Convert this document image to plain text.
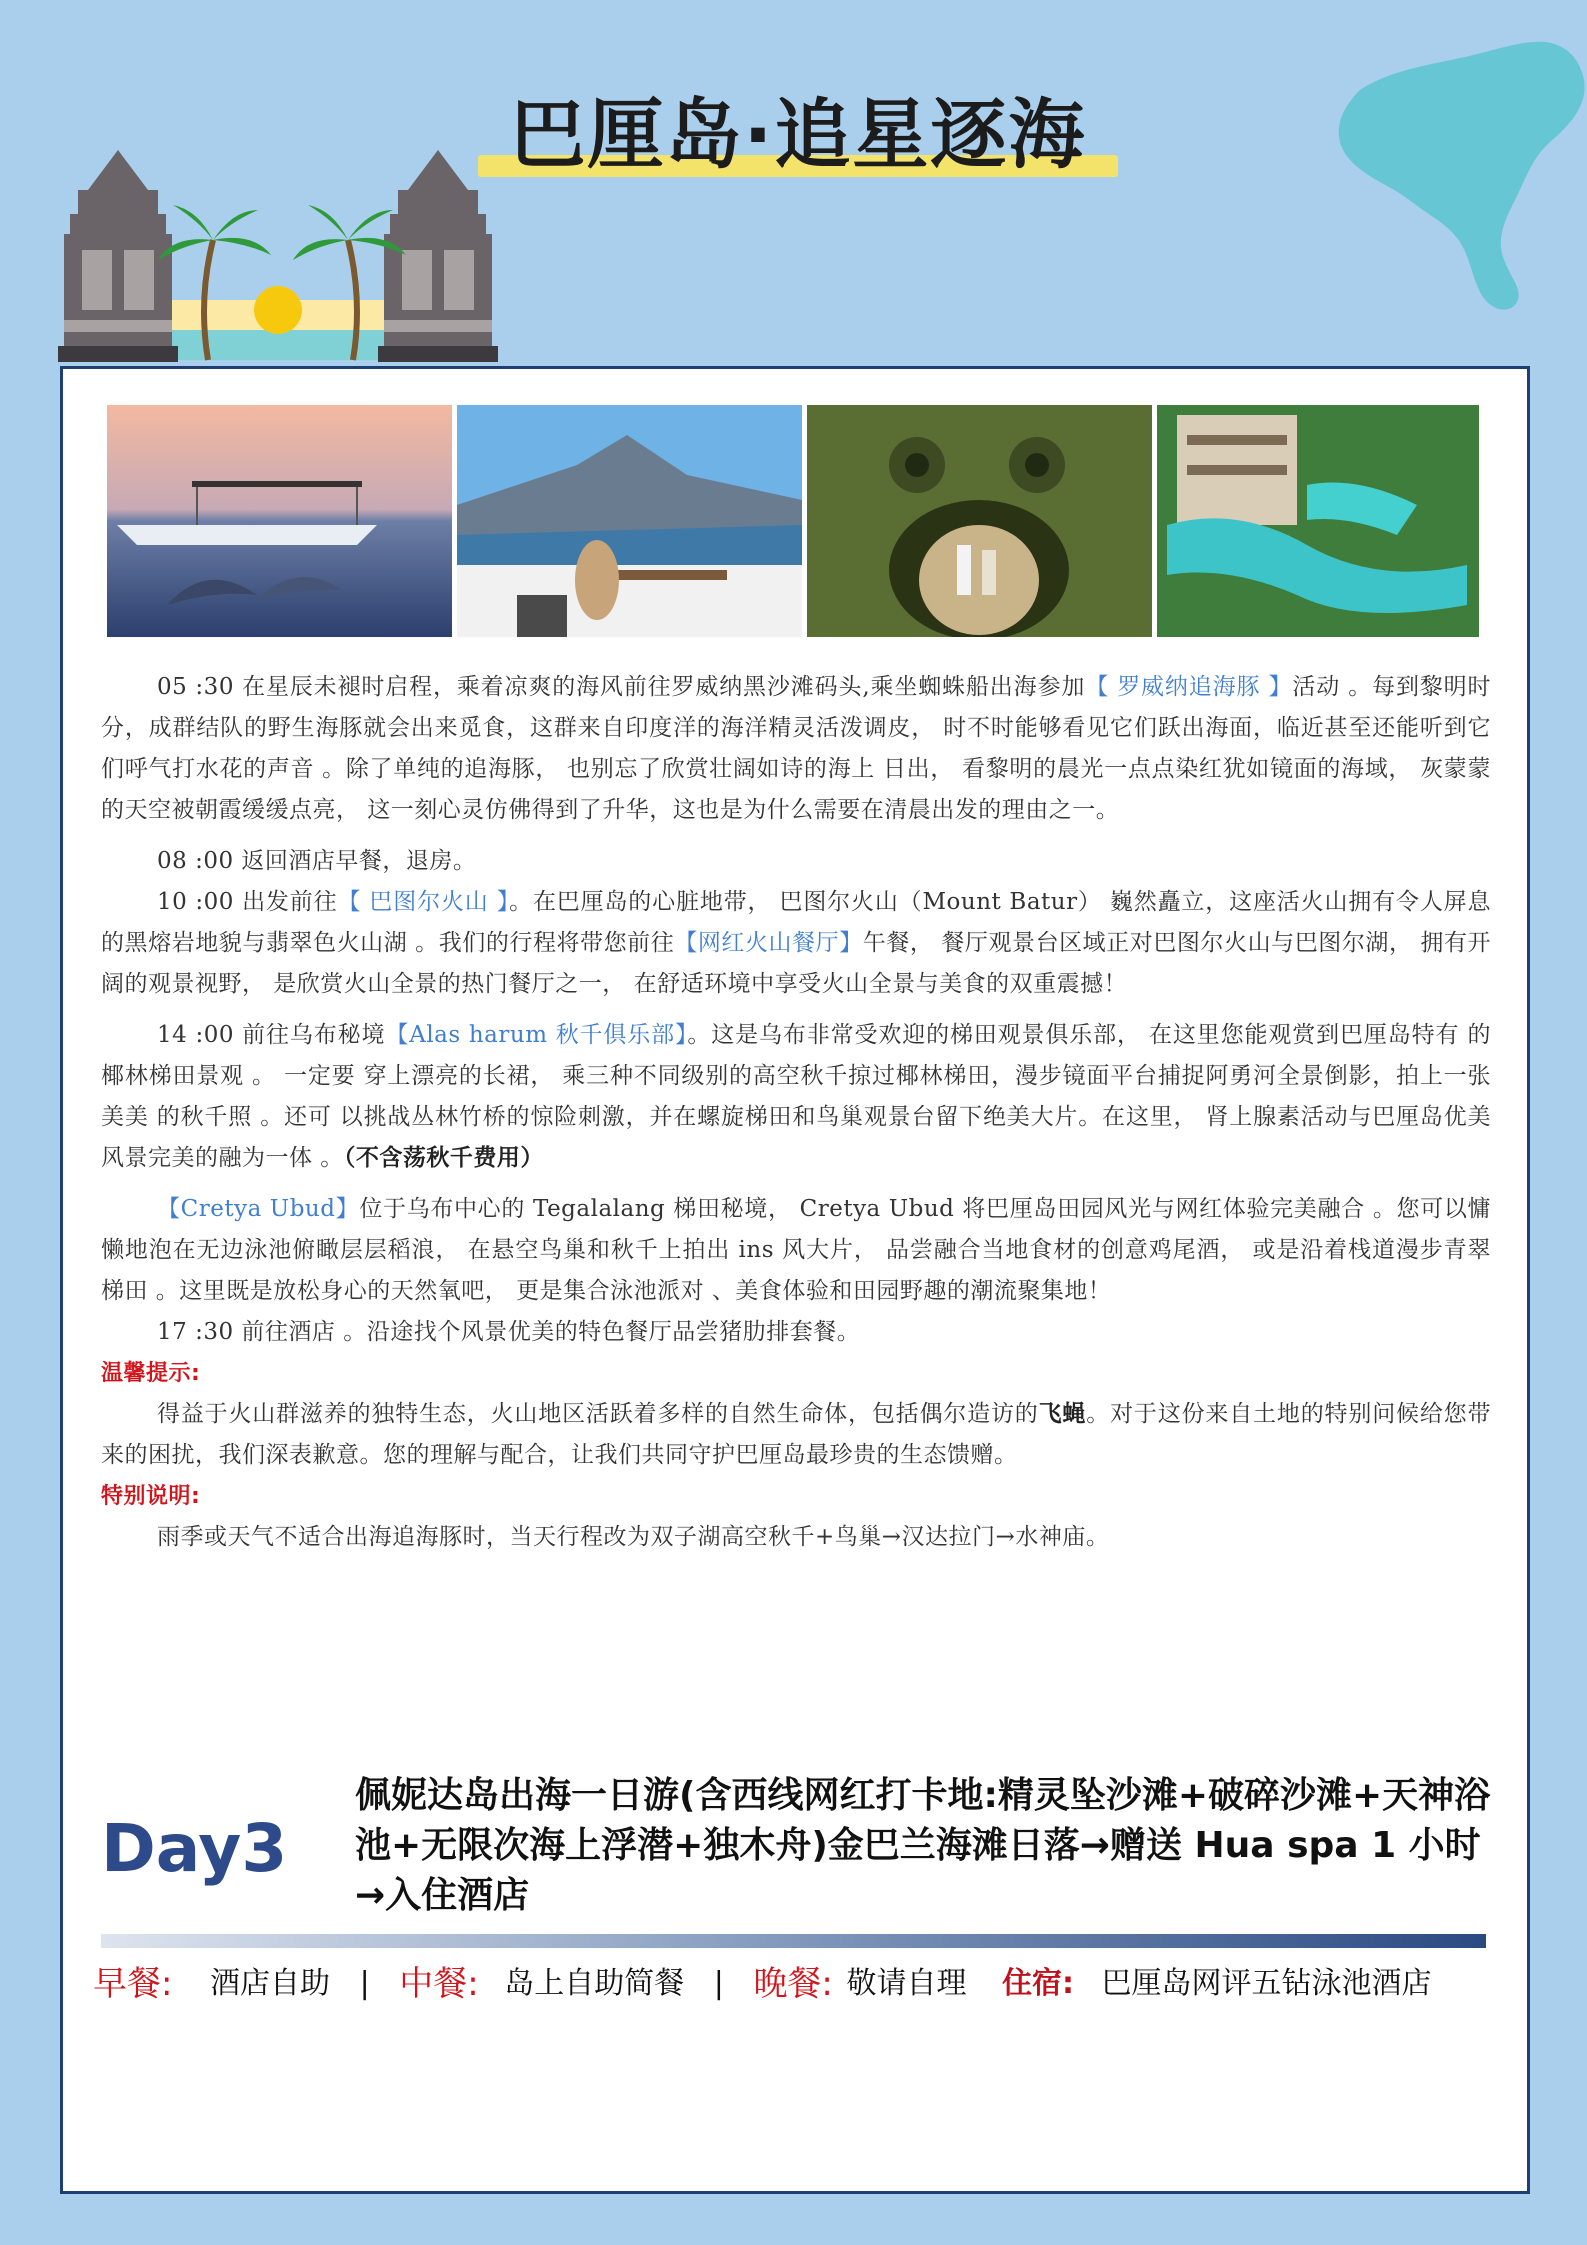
巴厘岛·追星逐海

05 :30 在星辰未褪时启程，乘着凉爽的海风前往罗威纳黑沙滩码头,乘坐蜘蛛船出海参加【 罗威纳追海豚 】活动 。每到黎明时分，成群结队的野生海豚就会出来觅食，这群来自印度洋的海洋精灵活泼调皮， 时不时能够看见它们跃出海面，临近甚至还能听到它们呼气打水花的声音 。除了单纯的追海豚， 也别忘了欣赏壮阔如诗的海上 日出， 看黎明的晨光一点点染红犹如镜面的海域， 灰蒙蒙的天空被朝霞缓缓点亮， 这一刻心灵仿佛得到了升华，这也是为什么需要在清晨出发的理由之一。

08 :00 返回酒店早餐，退房。

10 :00 出发前往【 巴图尔火山 】。在巴厘岛的心脏地带， 巴图尔火山（Mount Batur） 巍然矗立，这座活火山拥有令人屏息的黑熔岩地貌与翡翠色火山湖 。我们的行程将带您前往【网红火山餐厅】午餐， 餐厅观景台区域正对巴图尔火山与巴图尔湖， 拥有开阔的观景视野， 是欣赏火山全景的热门餐厅之一， 在舒适环境中享受火山全景与美食的双重震撼！

14 :00 前往乌布秘境【Alas harum 秋千俱乐部】。这是乌布非常受欢迎的梯田观景俱乐部， 在这里您能观赏到巴厘岛特有 的椰林梯田景观 。 一定要 穿上漂亮的长裙， 乘三种不同级别的高空秋千掠过椰林梯田，漫步镜面平台捕捉阿勇河全景倒影，拍上一张美美 的秋千照 。还可 以挑战丛林竹桥的惊险刺激，并在螺旋梯田和鸟巢观景台留下绝美大片。在这里， 肾上腺素活动与巴厘岛优美风景完美的融为一体 。（不含荡秋千费用）

【Cretya Ubud】位于乌布中心的 Tegalalang 梯田秘境， Cretya Ubud 将巴厘岛田园风光与网红体验完美融合 。您可以慵懒地泡在无边泳池俯瞰层层稻浪， 在悬空鸟巢和秋千上拍出 ins 风大片， 品尝融合当地食材的创意鸡尾酒， 或是沿着栈道漫步青翠梯田 。这里既是放松身心的天然氧吧， 更是集合泳池派对 、美食体验和田园野趣的潮流聚集地！

17 :30 前往酒店 。沿途找个风景优美的特色餐厅品尝猪肋排套餐。

温馨提示:

得益于火山群滋养的独特生态，火山地区活跃着多样的自然生命体，包括偶尔造访的飞蝇。对于这份来自土地的特别问候给您带来的困扰，我们深表歉意。您的理解与配合，让我们共同守护巴厘岛最珍贵的生态馈赠。

特别说明:

雨季或天气不适合出海追海豚时，当天行程改为双子湖高空秋千+鸟巢→汉达拉门→水神庙。

Day3
佩妮达岛出海一日游(含西线网红打卡地:精灵坠沙滩+破碎沙滩+天神浴池+无限次海上浮潜+独木舟)金巴兰海滩日落→赠送 Hua spa 1 小时→入住酒店
早餐: 酒店自助 | 中餐: 岛上自助简餐 | 晚餐: 敬请自理 住宿: 巴厘岛网评五钻泳池酒店
